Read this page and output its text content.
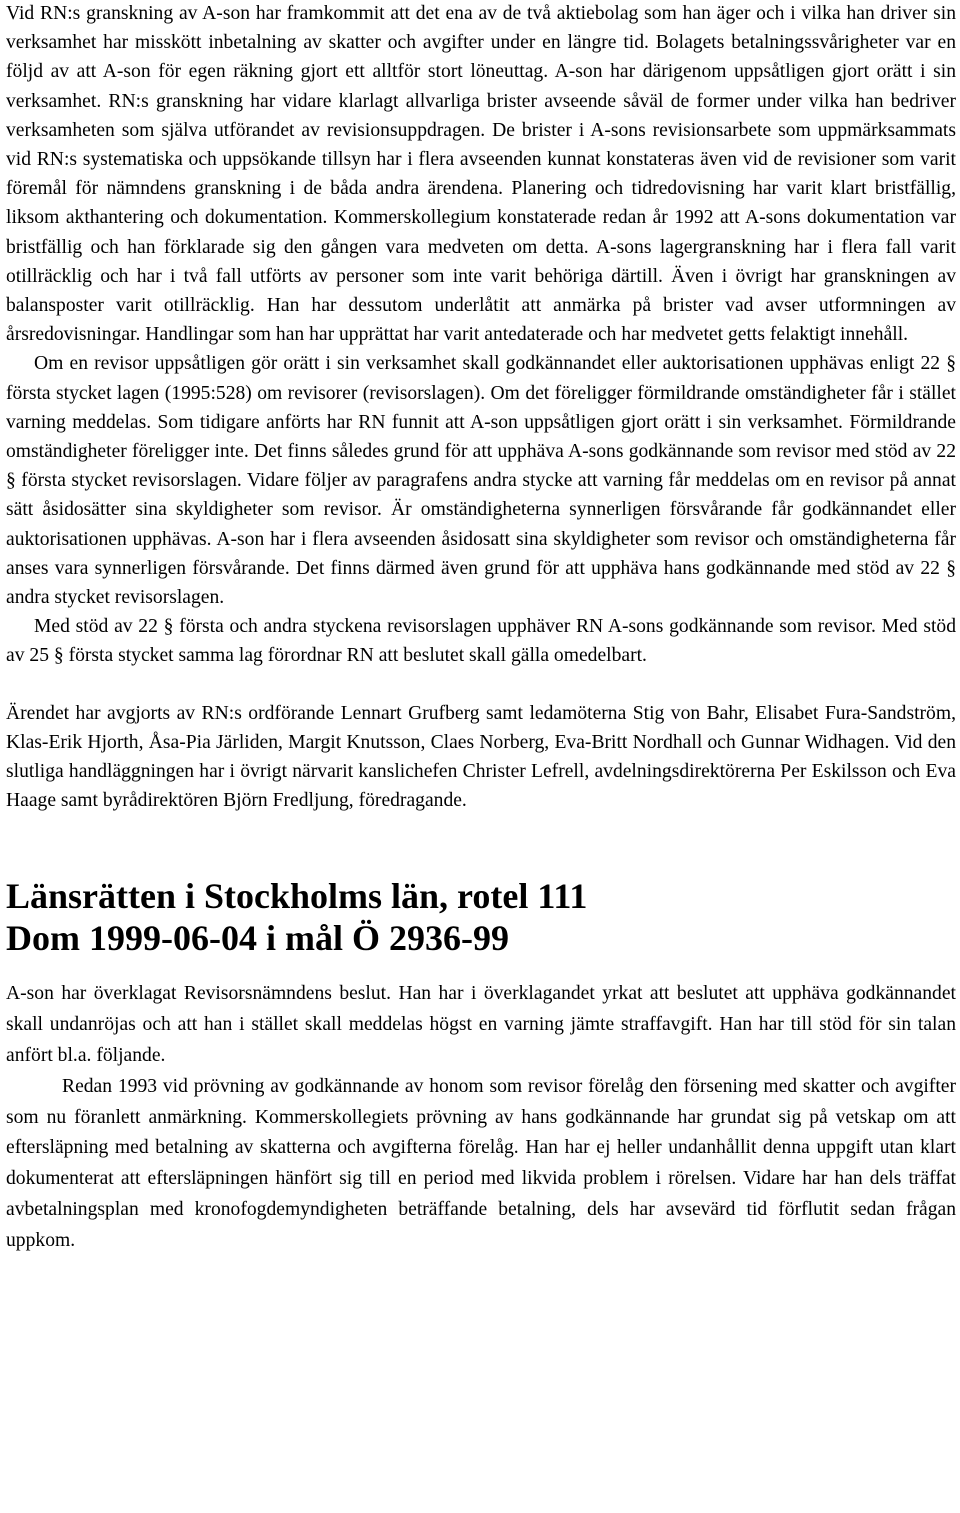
Vid RN:s granskning av A-son har framkommit att det ena av de två aktiebolag som han äger och i vilka han driver sin verksamhet har misskött inbetalning av skatter och avgifter under en längre tid. Bolagets betalningssvårigheter var en följd av att A-son för egen räkning gjort ett alltför stort löneuttag. A-son har därigenom uppsåtligen gjort orätt i sin verksamhet. RN:s granskning har vidare klarlagt allvarliga brister avseende såväl de former under vilka han bedriver verksamheten som själva utförandet av revisionsuppdragen. De brister i A-sons revisionsarbete som uppmärksammats vid RN:s systematiska och uppsökande tillsyn har i flera avseenden kunnat konstateras även vid de revisioner som varit föremål för nämndens granskning i de båda andra ärendena. Planering och tidredovisning har varit klart bristfällig, liksom akthantering och dokumentation. Kommerskollegium konstaterade redan år 1992 att A-sons dokumentation var bristfällig och han förklarade sig den gången vara medveten om detta. A-sons lagergranskning har i flera fall varit otillräcklig och har i två fall utförts av personer som inte varit behöriga därtill. Även i övrigt har granskningen av balansposter varit otillräcklig. Han har dessutom underlåtit att anmärka på brister vad avser utformningen av årsredovisningar. Handlingar som han har upprättat har varit antedaterade och har medvetet getts felaktigt innehåll.

Om en revisor uppsåtligen gör orätt i sin verksamhet skall godkännandet eller auktorisationen upphävas enligt 22 § första stycket lagen (1995:528) om revisorer (revisorslagen). Om det föreligger förmildrande omständigheter får i stället varning meddelas. Som tidigare anförts har RN funnit att A-son uppsåtligen gjort orätt i sin verksamhet. Förmildrande omständigheter föreligger inte. Det finns således grund för att upphäva A-sons godkännande som revisor med stöd av 22 § första stycket revisorslagen. Vidare följer av paragrafens andra stycke att varning får meddelas om en revisor på annat sätt åsidosätter sina skyldigheter som revisor. Är omständigheterna synnerligen försvårande får godkännandet eller auktorisationen upphävas. A-son har i flera avseenden åsidosatt sina skyldigheter som revisor och omständigheterna får anses vara synnerligen försvårande. Det finns därmed även grund för att upphäva hans godkännande med stöd av 22 § andra stycket revisorslagen.

Med stöd av 22 § första och andra styckena revisorslagen upphäver RN A-sons godkännande som revisor. Med stöd av 25 § första stycket samma lag förordnar RN att beslutet skall gälla omedelbart.

Ärendet har avgjorts av RN:s ordförande Lennart Grufberg samt ledamöterna Stig von Bahr, Elisabet Fura-Sandström, Klas-Erik Hjorth, Åsa-Pia Järliden, Margit Knutsson, Claes Norberg, Eva-Britt Nordhall och Gunnar Widhagen. Vid den slutliga handläggningen har i övrigt närvarit kanslichefen Christer Lefrell, avdelningsdirektörerna Per Eskilsson och Eva Haage samt byrådirektören Björn Fredljung, föredragande.

Länsrätten i Stockholms län, rotel 111
Dom 1999-06-04 i mål Ö 2936-99

A-son har överklagat Revisorsnämndens beslut. Han har i överklagandet yrkat att beslutet att upphäva godkännandet skall undanröjas och att han i stället skall meddelas högst en varning jämte straffavgift. Han har till stöd för sin talan anfört bl.a. följande.

Redan 1993 vid prövning av godkännande av honom som revisor förelåg den försening med skatter och avgifter som nu föranlett anmärkning. Kommerskollegiets prövning av hans godkännande har grundat sig på vetskap om att eftersläpning med betalning av skatterna och avgifterna förelåg. Han har ej heller undanhållit denna uppgift utan klart dokumenterat att eftersläpningen hänfört sig till en period med likvida problem i rörelsen. Vidare har han dels träffat avbetalningsplan med kronofogdemyndigheten beträffande betalning, dels har avsevärd tid förflutit sedan frågan uppkom.
